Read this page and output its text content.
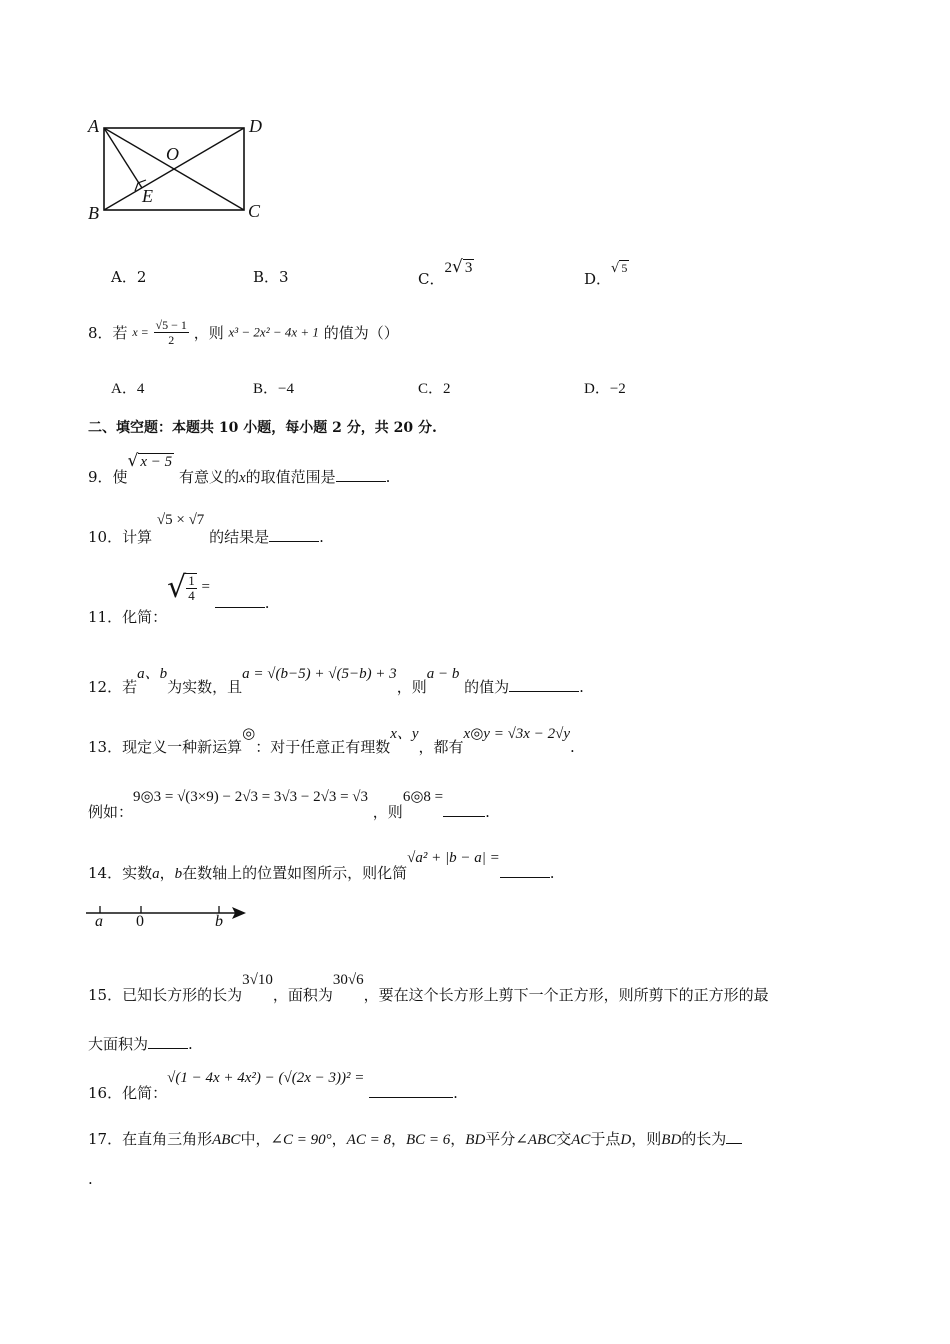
A	D
O
E
B	C
A．2	B．3	C．2√ 3
D．√ 5
8．若 $x = \frac{√5 - 1}{2}$ ，则 x³ − 2x² − 4x + 1 的值为（）
A．4	B．−4	C．2	D．−2
二、填空题：本题共 10 小题，每小题 2 分，共 20 分.
9．使√ x − 5 有意义的x的取值范围是	.
10．计算 √5 × √7 的结果是	.
11．化简：√ $\frac{1}{4}$ = .
12．若a、b为实数，且a = √(b−5) + √(5−b) + 3，则a − b 的值为	.
13．现定义一种新运算◎：对于任意正有理数x、y，都有x◎y = √3x − 2√y.
例如：9◎3 = √(3×9) − 2√3 = 3√3 − 2√3 = √3 ，则6◎8 =.
14．实数a，b在数轴上的位置如图所示，则化简√a² + |b − a| =.
a 0	b
15．已知长方形的长为3√10，面积为30√6，要在这个长方形上剪下一个正方形，则所剪下的正方形的最
大面积为	.
16．化简：√(1 − 4x + 4x²) − (√(2x − 3))² = .
17．在直角三角形ABC中，∠C = 90°，AC = 8，BC = 6，BD平分∠ABC交AC于点D，则BD的长为
.
